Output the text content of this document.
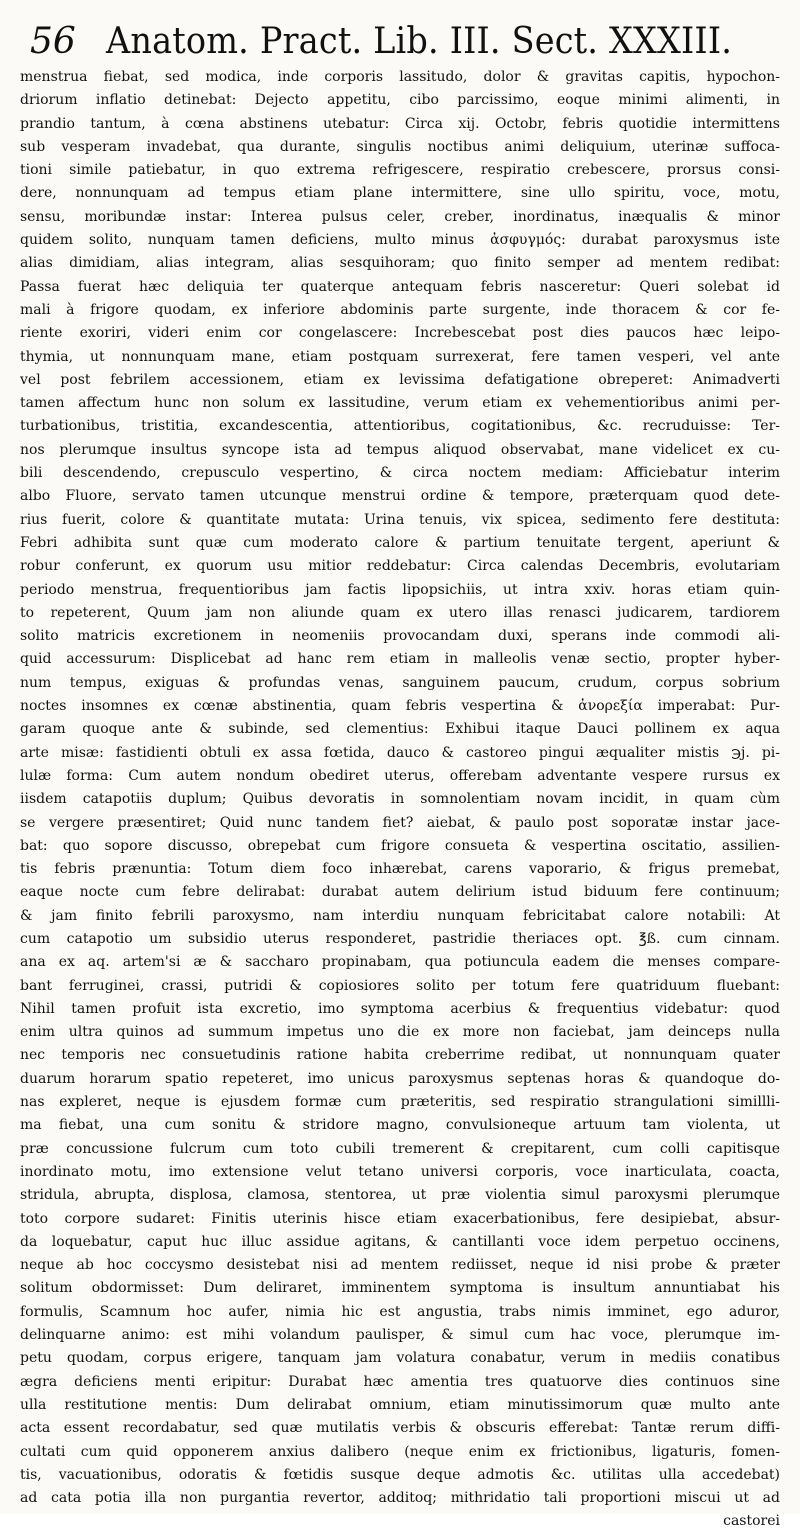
56 Anatom. Pract. Lib. III. Sect. XXXIII.
menstrua fiebat, sed modica, inde corporis lassitudo, dolor & gravitas capitis, hypochon-
driorum inflatio detinebat: Dejecto appetitu, cibo parcissimo, eoque minimi alimenti, in
prandio tantum, à cœna abstinens utebatur: Circa xij. Octobr, febris quotidie intermittens
sub vesperam invadebat, qua durante, singulis noctibus animi deliquium, uterinæ suffoca-
tioni simile patiebatur, in quo extrema refrigescere, respiratio crebescere, prorsus consi-
dere, nonnunquam ad tempus etiam plane intermittere, sine ullo spiritu, voce, motu,
sensu, moribundæ instar: Interea pulsus celer, creber, inordinatus, inæqualis & minor
quidem solito, nunquam tamen deficiens, multo minus ἀσφυγμός: durabat paroxysmus iste
alias dimidiam, alias integram, alias sesquihoram; quo finito semper ad mentem redibat:
Passa fuerat hæc deliquia ter quaterque antequam febris nasceretur: Queri solebat id
mali à frigore quodam, ex inferiore abdominis parte surgente, inde thoracem & cor fe-
riente exoriri, videri enim cor congelascere: Increbescebat post dies paucos hæc leipo-
thymia, ut nonnunquam mane, etiam postquam surrexerat, fere tamen vesperi, vel ante
vel post febrilem accessionem, etiam ex levissima defatigatione obreperet: Animadverti
tamen affectum hunc non solum ex lassitudine, verum etiam ex vehementioribus animi per-
turbationibus, tristitia, excandescentia, attentioribus, cogitationibus, &c. recruduisse: Ter-
nos plerumque insultus syncope ista ad tempus aliquod observabat, mane videlicet ex cu-
bili descendendo, crepusculo vespertino, & circa noctem mediam: Afficiebatur interim
albo Fluore, servato tamen utcunque menstrui ordine & tempore, præterquam quod dete-
rius fuerit, colore & quantitate mutata: Urina tenuis, vix spicea, sedimento fere destituta:
Febri adhibita sunt quæ cum moderato calore & partium tenuitate tergent, aperiunt &
robur conferunt, ex quorum usu mitior reddebatur: Circa calendas Decembris, evolutariam
periodo menstrua, frequentioribus jam factis lipopsichiis, ut intra xxiv. horas etiam quin-
to repeterent, Quum jam non aliunde quam ex utero illas renasci judicarem, tardiorem
solito matricis excretionem in neomeniis provocandam duxi, sperans inde commodi ali-
quid accessurum: Displicebat ad hanc rem etiam in malleolis venæ sectio, propter hyber-
num tempus, exiguas & profundas venas, sanguinem paucum, crudum, corpus sobrium
noctes insomnes ex cœnæ abstinentia, quam febris vespertina & ἀνορεξία imperabat: Pur-
garam quoque ante & subinde, sed clementius: Exhibui itaque Dauci pollinem ex aqua
arte misæ: fastidienti obtuli ex assa fœtida, dauco & castoreo pingui æqualiter mistis ℈j. pi-
lulæ forma: Cum autem nondum obediret uterus, offerebam adventante vespere rursus ex
iisdem catapotiis duplum; Quibus devoratis in somnolentiam novam incidit, in quam cùm
se vergere præsentiret; Quid nunc tandem fiet? aiebat, & paulo post soporatæ instar jace-
bat: quo sopore discusso, obrepebat cum frigore consueta & vespertina oscitatio, assilien-
tis febris prænuntia: Totum diem foco inhærebat, carens vaporario, & frigus premebat,
eaque nocte cum febre delirabat: durabat autem delirium istud biduum fere continuum;
& jam finito febrili paroxysmo, nam interdiu nunquam febricitabat calore notabili: At
cum catapotio um subsidio uterus responderet, pastridie theriaces opt. ℥ß. cum cinnam.
ana ex aq. artem'si æ & saccharo propinabam, qua potiuncula eadem die menses compare-
bant ferruginei, crassi, putridi & copiosiores solito per totum fere quatriduum fluebant:
Nihil tamen profuit ista excretio, imo symptoma acerbius & frequentius videbatur: quod
enim ultra quinos ad summum impetus uno die ex more non faciebat, jam deinceps nulla
nec temporis nec consuetudinis ratione habita creberrime redibat, ut nonnunquam quater
duarum horarum spatio repeteret, imo unicus paroxysmus septenas horas & quandoque do-
nas expleret, neque is ejusdem formæ cum præteritis, sed respiratio strangulationi simillli-
ma fiebat, una cum sonitu & stridore magno, convulsioneque artuum tam violenta, ut
præ concussione fulcrum cum toto cubili tremerent & crepitarent, cum colli capitisque
inordinato motu, imo extensione velut tetano universi corporis, voce inarticulata, coacta,
stridula, abrupta, displosa, clamosa, stentorea, ut præ violentia simul paroxysmi plerumque
toto corpore sudaret: Finitis uterinis hisce etiam exacerbationibus, fere desipiebat, absur-
da loquebatur, caput huc illuc assidue agitans, & cantillanti voce idem perpetuo occinens,
neque ab hoc coccysmo desistebat nisi ad mentem rediisset, neque id nisi probe & præter
solitum obdormisset: Dum deliraret, imminentem symptoma is insultum annuntiabat his
formulis, Scamnum hoc aufer, nimia hic est angustia, trabs nimis imminet, ego aduror,
delinquarne animo: est mihi volandum paulisper, & simul cum hac voce, plerumque im-
petu quodam, corpus erigere, tanquam jam volatura conabatur, verum in mediis conatibus
ægra deficiens menti eripitur: Durabat hæc amentia tres quatuorve dies continuos sine
ulla restitutione mentis: Dum delirabat omnium, etiam minutissimorum quæ multo ante
acta essent recordabatur, sed quæ mutilatis verbis & obscuris efferebat: Tantæ rerum diffi-
cultati cum quid opponerem anxius dalibero (neque enim ex frictionibus, ligaturis, fomen-
tis, vacuationibus, odoratis & fœtidis susque deque admotis &c. utilitas ulla accedebat)
ad cata potia illa non purgantia revertor, additoq; mithridatio tali proportioni miscui ut ad
castorei
